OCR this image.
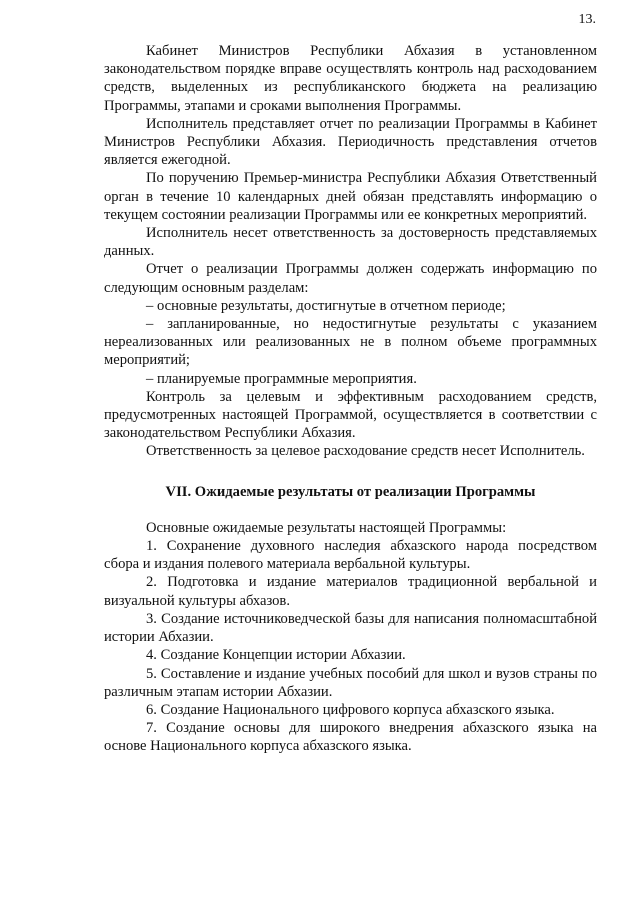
13.

Кабинет Министров Республики Абхазия в установленном законодательством порядке вправе осуществлять контроль над расходованием средств, выделенных из республиканского бюджета на реализацию Программы, этапами и сроками выполнения Программы.

Исполнитель представляет отчет по реализации Программы в Кабинет Министров Республики Абхазия. Периодичность представления отчетов является ежегодной.

По поручению Премьер-министра Республики Абхазия Ответственный орган в течение 10 календарных дней обязан представлять информацию о текущем состоянии реализации Программы или ее конкретных мероприятий.

Исполнитель несет ответственность за достоверность представляемых данных.

Отчет о реализации Программы должен содержать информацию по следующим основным разделам:

– основные результаты, достигнутые в отчетном периоде;

– запланированные, но недостигнутые результаты с указанием нереализованных или реализованных не в полном объеме программных мероприятий;

– планируемые программные мероприятия.

Контроль за целевым и эффективным расходованием средств, предусмотренных настоящей Программой, осуществляется в соответствии с законодательством Республики Абхазия.

Ответственность за целевое расходование средств несет Исполнитель.

VII. Ожидаемые результаты от реализации Программы

Основные ожидаемые результаты настоящей Программы:

1. Сохранение духовного наследия абхазского народа посредством сбора и издания полевого материала вербальной культуры.

2. Подготовка и издание материалов традиционной вербальной и визуальной культуры абхазов.

3. Создание источниковедческой базы для написания полномасштабной истории Абхазии.

4. Создание Концепции истории Абхазии.

5. Составление и издание учебных пособий для школ и вузов страны по различным этапам истории Абхазии.

6. Создание Национального цифрового корпуса абхазского языка.

7. Создание основы для широкого внедрения абхазского языка на основе Национального корпуса абхазского языка.
